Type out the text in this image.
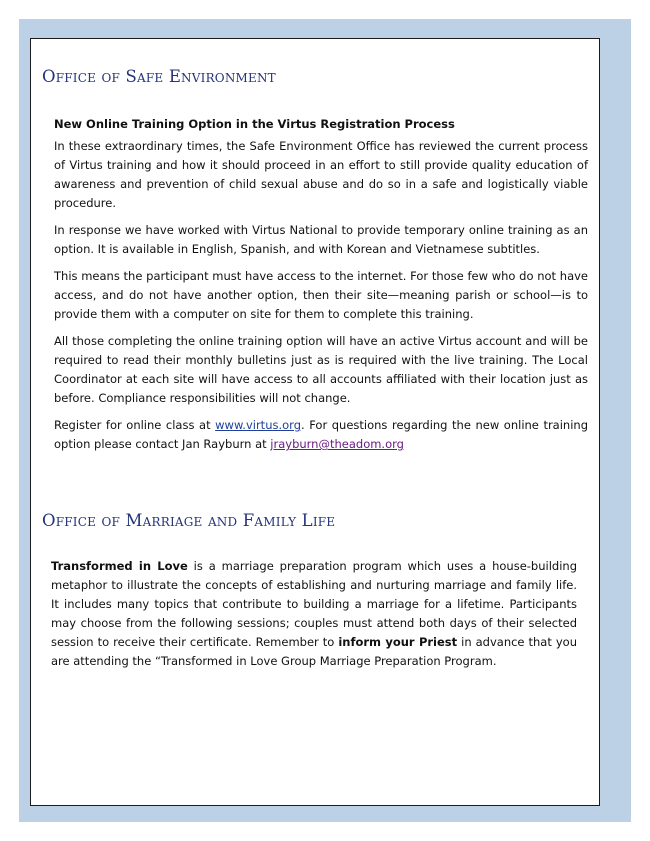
Office of Safe Environment

New Online Training Option in the Virtus Registration Process

In these extraordinary times, the Safe Environment Office has reviewed the current process of Virtus training and how it should proceed in an effort to still provide quality education of awareness and prevention of child sexual abuse and do so in a safe and logistically viable procedure.

In response we have worked with Virtus National to provide temporary online training as an option. It is available in English, Spanish, and with Korean and Vietnamese subtitles.

This means the participant must have access to the internet. For those few who do not have access, and do not have another option, then their site—meaning parish or school—is to provide them with a computer on site for them to complete this training.

All those completing the online training option will have an active Virtus account and will be required to read their monthly bulletins just as is required with the live training. The Local Coordinator at each site will have access to all accounts affiliated with their location just as before. Compliance responsibilities will not change.

Register for online class at www.virtus.org. For questions regarding the new online training option please contact Jan Rayburn at jrayburn@theadom.org

Office of Marriage and Family Life

Transformed in Love is a marriage preparation program which uses a house-building metaphor to illustrate the concepts of establishing and nurturing marriage and family life. It includes many topics that contribute to building a marriage for a lifetime. Participants may choose from the following sessions; couples must attend both days of their selected session to receive their certificate. Remember to inform your Priest in advance that you are attending the “Transformed in Love Group Marriage Preparation Program.
